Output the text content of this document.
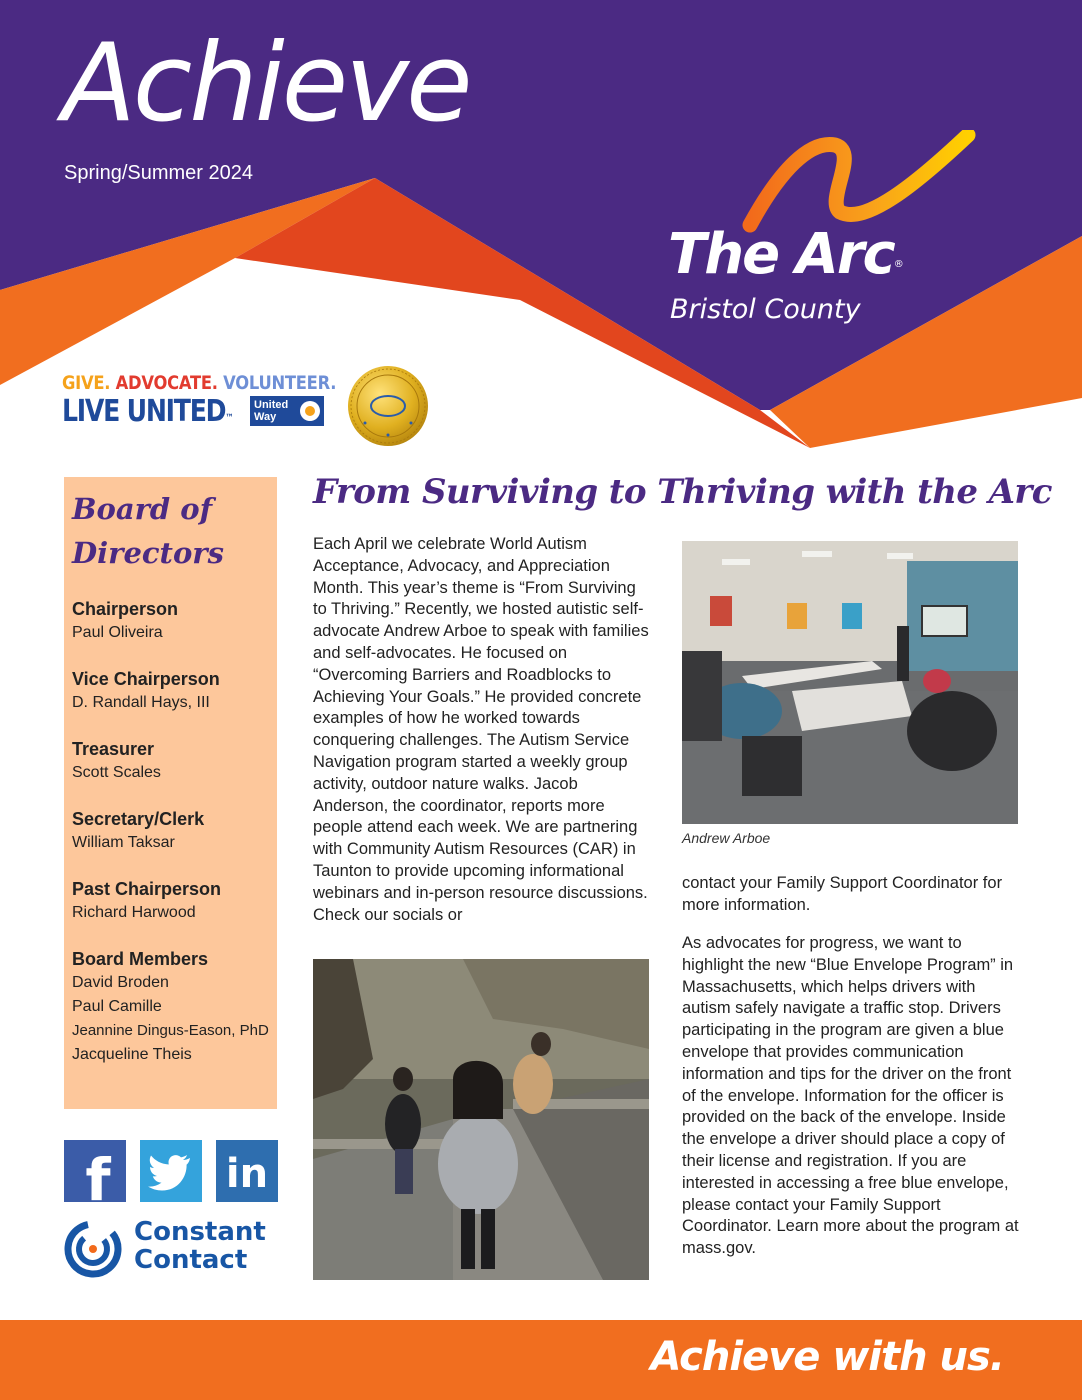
Achieve
Spring/Summer 2024
The Arc®
Bristol County
GIVE. ADVOCATE. VOLUNTEER.
LIVE UNITED™
United
Way
Board of
Directors
Chairperson
Paul Oliveira
Vice Chairperson
D. Randall Hays, III
Treasurer
Scott Scales
Secretary/Clerk
William Taksar
Past Chairperson
Richard Harwood
Board Members
David Broden
Paul Camille
Jeannine Dingus-Eason, PhD
Jacqueline Theis
f	in
Constant
Contact
From Surviving to Thriving with the Arc
Each April we celebrate World Autism Acceptance, Advocacy, and Appreciation Month. This year’s theme is “From Surviving to Thriving.” Recently, we hosted autistic self-advocate Andrew Arboe to speak with families and self-advocates. He focused on “Overcoming Barriers and Roadblocks to Achieving Your Goals.” He provided concrete examples of how he worked towards conquering challenges. The Autism Service Navigation program started a weekly group activity, outdoor nature walks. Jacob Anderson, the coordinator, reports more people attend each week. We are partnering with Community Autism Resources (CAR) in Taunton to provide upcoming informational webinars and in-person resource discussions. Check our socials or
Andrew Arboe
contact your Family Support Coordinator for more information.
As advocates for progress, we want to highlight the new “Blue Envelope Program” in Massachusetts, which helps drivers with autism safely navigate a traffic stop. Drivers participating in the program are given a blue envelope that provides communication information and tips for the driver on the front of the envelope. Information for the officer is provided on the back of the envelope. Inside the envelope a driver should place a copy of their license and registration. If you are interested in accessing a free blue envelope, please contact your Family Support Coordinator. Learn more about the program at mass.gov.
Achieve with us.
